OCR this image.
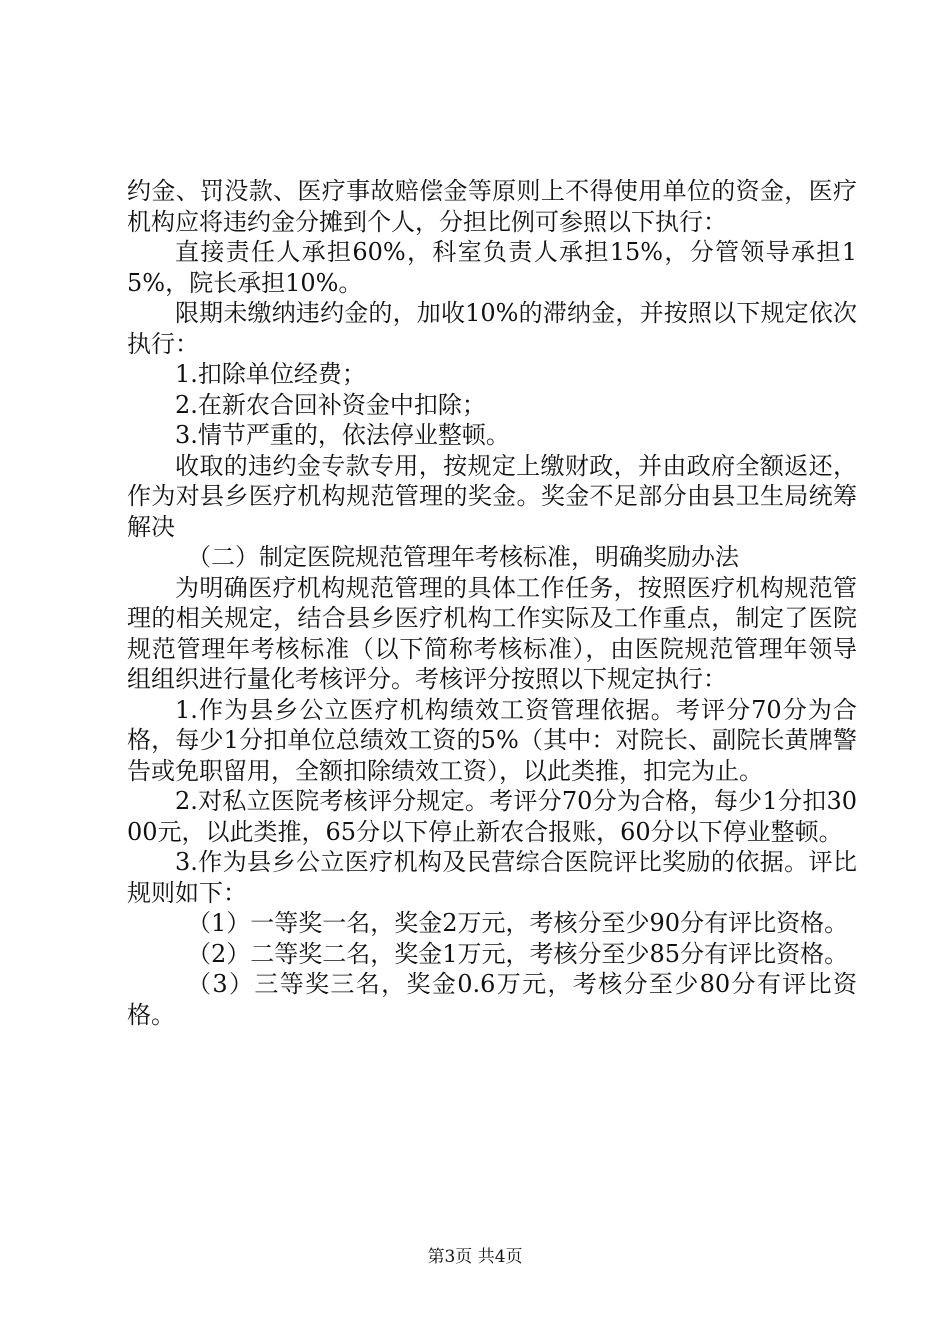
约金、罚没款、医疗事故赔偿金等原则上不得使用单位的资金，医疗机构应将违约金分摊到个人，分担比例可参照以下执行：

直接责任人承担60%，科室负责人承担15%，分管领导承担15%，院长承担10%。

限期未缴纳违约金的，加收10%的滞纳金，并按照以下规定依次执行：

1.扣除单位经费；

2.在新农合回补资金中扣除；

3.情节严重的，依法停业整顿。

收取的违约金专款专用，按规定上缴财政，并由政府全额返还，作为对县乡医疗机构规范管理的奖金。奖金不足部分由县卫生局统筹解决

（二）制定医院规范管理年考核标准，明确奖励办法

为明确医疗机构规范管理的具体工作任务，按照医疗机构规范管理的相关规定，结合县乡医疗机构工作实际及工作重点，制定了医院规范管理年考核标准（以下简称考核标准），由医院规范管理年领导组组织进行量化考核评分。考核评分按照以下规定执行：

1.作为县乡公立医疗机构绩效工资管理依据。考评分70分为合格，每少1分扣单位总绩效工资的5%（其中：对院长、副院长黄牌警告或免职留用，全额扣除绩效工资），以此类推，扣完为止。

2.对私立医院考核评分规定。考评分70分为合格，每少1分扣3000元，以此类推，65分以下停止新农合报账，60分以下停业整顿。

3.作为县乡公立医疗机构及民营综合医院评比奖励的依据。评比规则如下：

（1）一等奖一名，奖金2万元，考核分至少90分有评比资格。

（2）二等奖二名，奖金1万元，考核分至少85分有评比资格。

（3）三等奖三名，奖金0.6万元，考核分至少80分有评比资格。

第3页 共4页
